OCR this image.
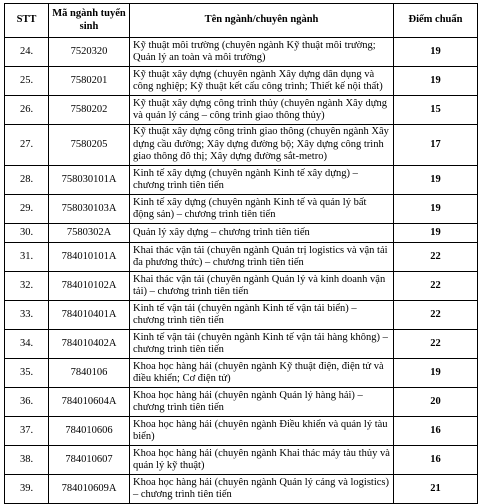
STT	Mã ngành tuyển sinh	Tên ngành/chuyên ngành	Điểm chuẩn
24.	7520320	Kỹ thuật môi trường (chuyên ngành Kỹ thuật môi trường; Quản lý an toàn và môi trường)	19
25.	7580201	Kỹ thuật xây dựng (chuyên ngành Xây dựng dân dụng và công nghiệp; Kỹ thuật kết cấu công trình; Thiết kế nội thất)	19
26.	7580202	Kỹ thuật xây dựng công trình thủy (chuyên ngành Xây dựng và quản lý cảng – công trình giao thông thủy)	15
27.	7580205	Kỹ thuật xây dựng công trình giao thông (chuyên ngành Xây dựng cầu đường; Xây dựng đường bộ; Xây dựng công trình giao thông đô thị; Xây dựng đường sắt-metro)	17
28.	758030101A	Kinh tế xây dựng (chuyên ngành Kinh tế xây dựng) – chương trình tiên tiến	19
29.	758030103A	Kinh tế xây dựng (chuyên ngành Kinh tế và quản lý bất động sản) – chương trình tiên tiến	19
30.	7580302A	Quản lý xây dựng – chương trình tiên tiến	19
31.	784010101A	Khai thác vận tải (chuyên ngành Quản trị logistics và vận tải đa phương thức) – chương trình tiên tiến	22
32.	784010102A	Khai thác vận tải (chuyên ngành Quản lý và kinh doanh vận tải) – chương trình tiên tiến	22
33.	784010401A	Kinh tế vận tải (chuyên ngành Kinh tế vận tải biển) – chương trình tiên tiến	22
34.	784010402A	Kinh tế vận tải (chuyên ngành Kinh tế vận tải hàng không) – chương trình tiên tiến	22
35.	7840106	Khoa học hàng hải (chuyên ngành Kỹ thuật điện, điện tử và điều khiển; Cơ điện tử)	19
36.	784010604A	Khoa học hàng hải (chuyên ngành Quản lý hàng hải) – chương trình tiên tiến	20
37.	784010606	Khoa học hàng hải (chuyên ngành Điều khiển và quản lý tàu biển)	16
38.	784010607	Khoa học hàng hải (chuyên ngành Khai thác máy tàu thủy và quản lý kỹ thuật)	16
39.	784010609A	Khoa học hàng hải (chuyên ngành Quản lý cảng và logistics) – chương trình tiên tiến	21
